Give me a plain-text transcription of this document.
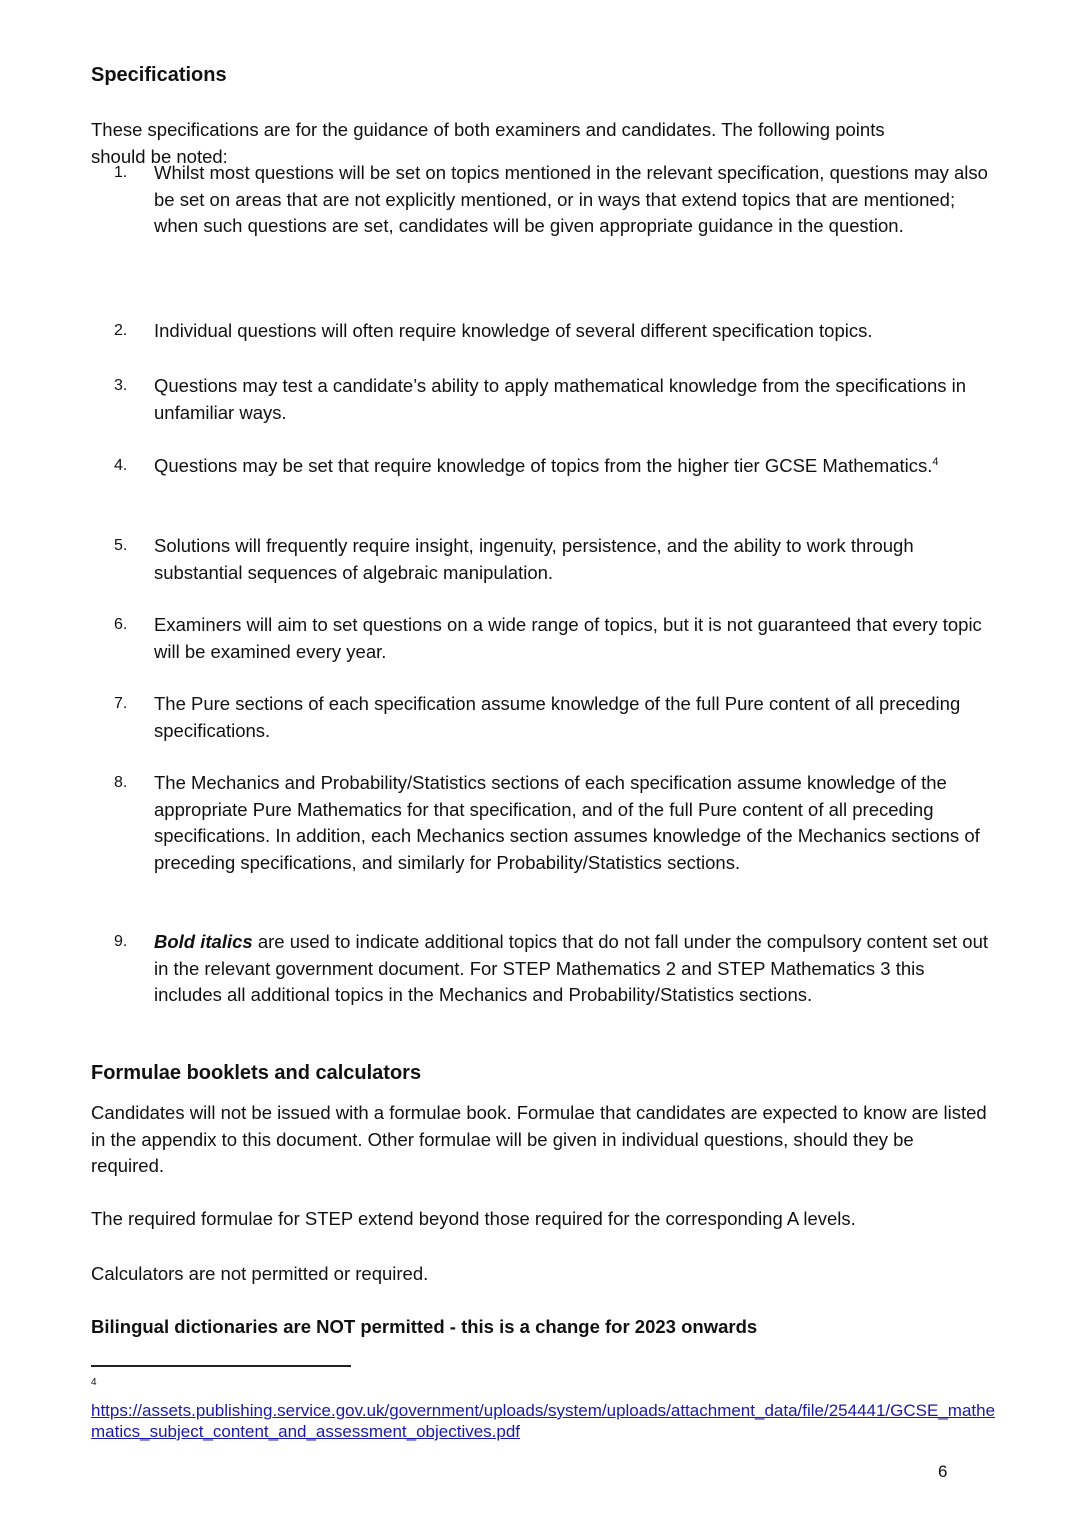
Specifications

These specifications are for the guidance of both examiners and candidates. The following points
should be noted:

1.	Whilst most questions will be set on topics mentioned in the relevant specification, questions may also be set on areas that are not explicitly mentioned, or in ways that extend topics that are mentioned; when such questions are set, candidates will be given appropriate guidance in the question.
2.	Individual questions will often require knowledge of several different specification topics.
3.	Questions may test a candidate’s ability to apply mathematical knowledge from the specifications in unfamiliar ways.
4.	Questions may be set that require knowledge of topics from the higher tier GCSE Mathematics.$^4$
5.	Solutions will frequently require insight, ingenuity, persistence, and the ability to work through substantial sequences of algebraic manipulation.
6.	Examiners will aim to set questions on a wide range of topics, but it is not guaranteed that every topic will be examined every year.
7.	The Pure sections of each specification assume knowledge of the full Pure content of all preceding specifications.
8.	The Mechanics and Probability/Statistics sections of each specification assume knowledge of the appropriate Pure Mathematics for that specification, and of the full Pure content of all preceding specifications. In addition, each Mechanics section assumes knowledge of the Mechanics sections of preceding specifications, and similarly for Probability/Statistics sections.
9.	Bold italics are used to indicate additional topics that do not fall under the compulsory content set out in the relevant government document. For STEP Mathematics 2 and STEP Mathematics 3 this includes all additional topics in the Mechanics and Probability/Statistics sections.
Formulae booklets and calculators

Candidates will not be issued with a formulae book. Formulae that candidates are expected to know are listed in the appendix to this document. Other formulae will be given in individual questions, should they be required.

The required formulae for STEP extend beyond those required for the corresponding A levels.

Calculators are not permitted or required.

Bilingual dictionaries are NOT permitted - this is a change for 2023 onwards

4
https://assets.publishing.service.gov.uk/government/uploads/system/uploads/attachment_data/file/254441/GCSE_mathematics_subject_content_and_assessment_objectives.pdf
6
